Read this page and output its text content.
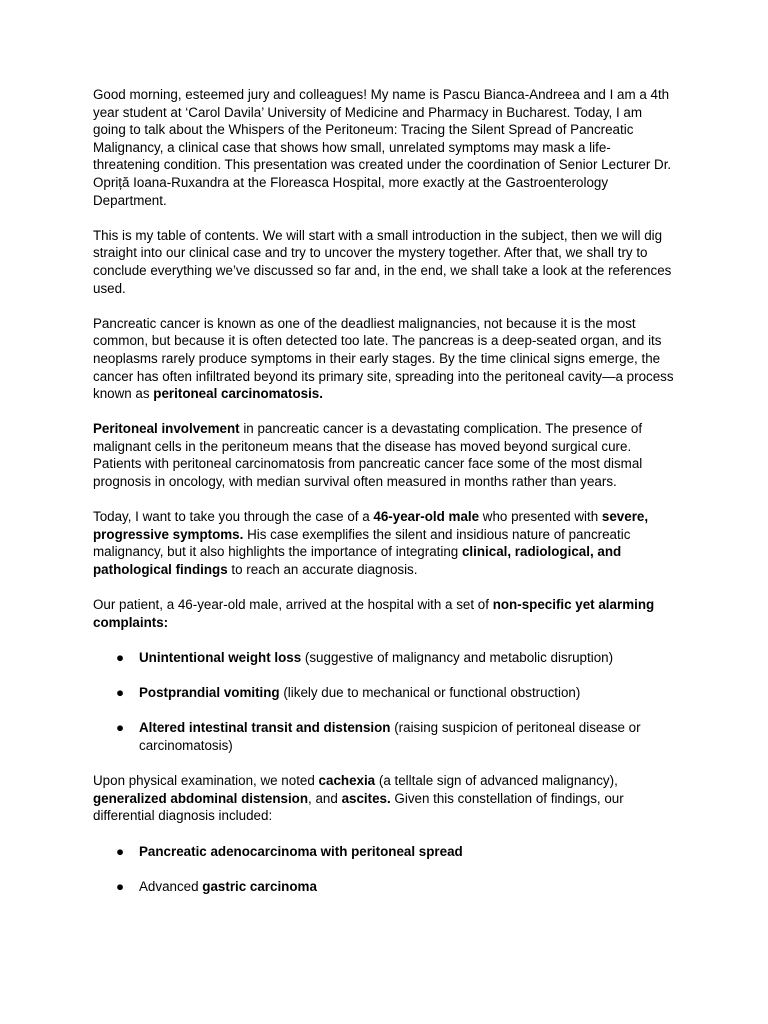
Good morning, esteemed jury and colleagues! My name is Pascu Bianca-Andreea and I am a 4th year student at ‘Carol Davila’ University of Medicine and Pharmacy in Bucharest. Today, I am going to talk about the Whispers of the Peritoneum: Tracing the Silent Spread of Pancreatic Malignancy, a clinical case that shows how small, unrelated symptoms may mask a life-threatening condition. This presentation was created under the coordination of Senior Lecturer Dr. Opriță Ioana-Ruxandra at the Floreasca Hospital, more exactly at the Gastroenterology Department.

This is my table of contents. We will start with a small introduction in the subject, then we will dig straight into our clinical case and try to uncover the mystery together. After that, we shall try to conclude everything we’ve discussed so far and, in the end, we shall take a look at the references used.

Pancreatic cancer is known as one of the deadliest malignancies, not because it is the most common, but because it is often detected too late. The pancreas is a deep-seated organ, and its neoplasms rarely produce symptoms in their early stages. By the time clinical signs emerge, the cancer has often infiltrated beyond its primary site, spreading into the peritoneal cavity—a process known as peritoneal carcinomatosis.

Peritoneal involvement in pancreatic cancer is a devastating complication. The presence of malignant cells in the peritoneum means that the disease has moved beyond surgical cure. Patients with peritoneal carcinomatosis from pancreatic cancer face some of the most dismal prognosis in oncology, with median survival often measured in months rather than years.

Today, I want to take you through the case of a 46-year-old male who presented with severe, progressive symptoms. His case exemplifies the silent and insidious nature of pancreatic malignancy, but it also highlights the importance of integrating clinical, radiological, and pathological findings to reach an accurate diagnosis.

Our patient, a 46-year-old male, arrived at the hospital with a set of non-specific yet alarming complaints:

● Unintentional weight loss (suggestive of malignancy and metabolic disruption)
● Postprandial vomiting (likely due to mechanical or functional obstruction)
● Altered intestinal transit and distension (raising suspicion of peritoneal disease or carcinomatosis)

Upon physical examination, we noted cachexia (a telltale sign of advanced malignancy), generalized abdominal distension, and ascites. Given this constellation of findings, our differential diagnosis included:

● Pancreatic adenocarcinoma with peritoneal spread
● Advanced gastric carcinoma
